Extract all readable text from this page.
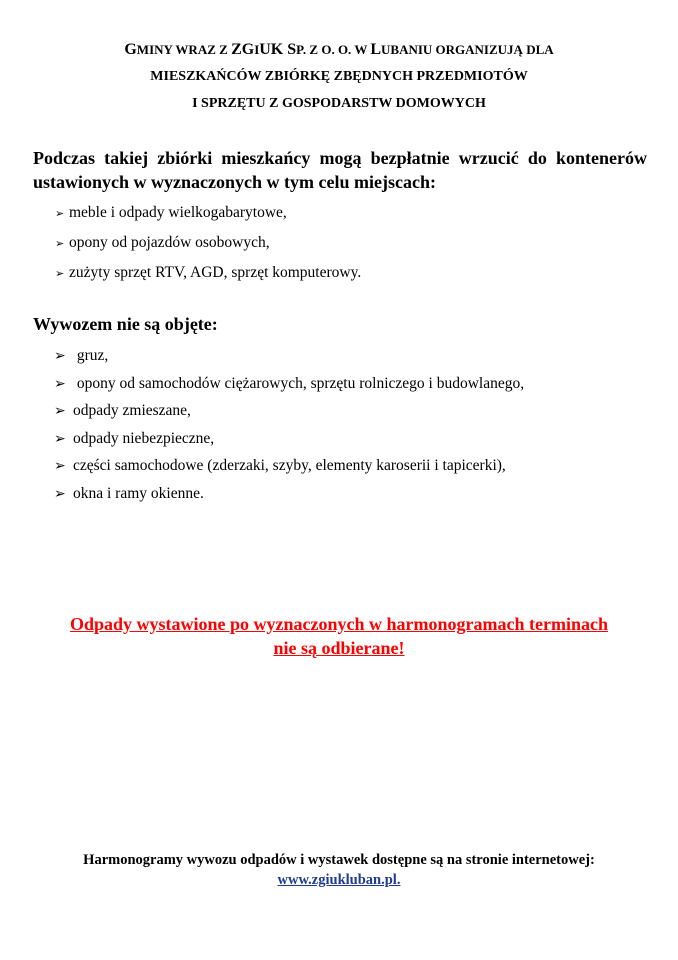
GMINY WRAZ Z ZGIUK SP. Z O. O. W LUBANIU ORGANIZUJĄ DLA
MIESZKAŃCÓW ZBIÓRKĘ ZBĘDNYCH PRZEDMIOTÓW
I SPRZĘTU Z GOSPODARSTW DOMOWYCH
Podczas takiej zbiórki mieszkańcy mogą bezpłatnie wrzucić do kontenerów ustawionych w wyznaczonych w tym celu miejscach:
➢ meble i odpady wielkogabarytowe,
➢ opony od pojazdów osobowych,
➢ zużyty sprzęt RTV, AGD, sprzęt komputerowy.
Wywozem nie są objęte:
➢ gruz,
➢ opony od samochodów ciężarowych, sprzętu rolniczego i budowlanego,
➢ odpady zmieszane,
➢ odpady niebezpieczne,
➢ części samochodowe (zderzaki, szyby, elementy karoserii i tapicerki),
➢ okna i ramy okienne.
Odpady wystawione po wyznaczonych w harmonogramach terminach
nie są odbierane!
Harmonogramy wywozu odpadów i wystawek dostępne są na stronie internetowej:
www.zgiukluban.pl.
